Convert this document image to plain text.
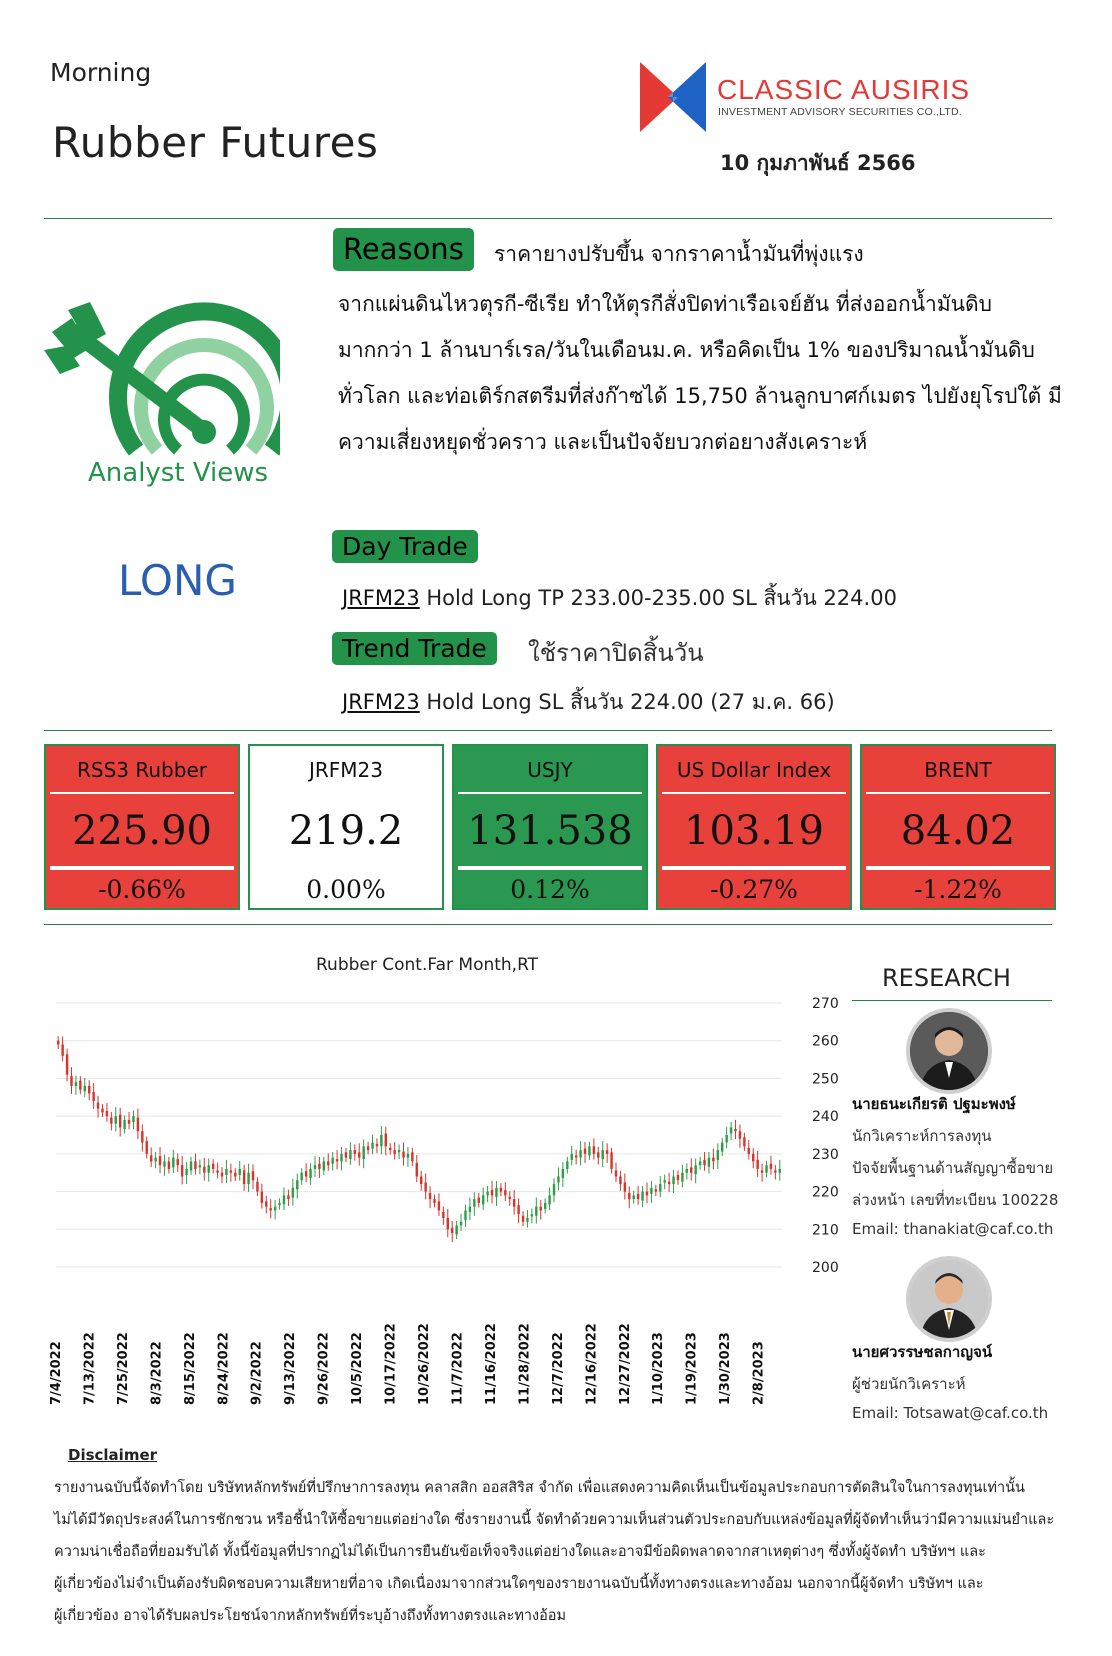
Morning
Rubber Futures
CLASSIC AUSIRIS
INVESTMENT ADVISORY SECURITIES CO.,LTD.
10 กุมภาพันธ์ 2566
Analyst Views
LONG
Reasons	ราคายางปรับขึ้น จากราคาน้ำมันที่พุ่งแรง
จากแผ่นดินไหวตุรกี-ซีเรีย ทำให้ตุรกีสั่งปิดท่าเรือเจย์ฮัน ที่ส่งออกน้ำมันดิบ
มากกว่า 1 ล้านบาร์เรล/วันในเดือนม.ค. หรือคิดเป็น 1% ของปริมาณน้ำมันดิบ
ทั่วโลก และท่อเติร์กสตรีมที่ส่งก๊าซได้ 15,750 ล้านลูกบาศก์เมตร ไปยังยุโรปใต้ มี
ความเสี่ยงหยุดชั่วคราว และเป็นปัจจัยบวกต่อยางสังเคราะห์
Day Trade
JRFM23 Hold Long TP 233.00-235.00 SL สิ้นวัน 224.00
Trend Trade	ใช้ราคาปิดสิ้นวัน
JRFM23 Hold Long SL สิ้นวัน 224.00 (27 ม.ค. 66)
RSS3 Rubber
225.90
-0.66%
JRFM23
219.2
0.00%
USJY
131.538
0.12%
US Dollar Index
103.19
-0.27%
BRENT
84.02
-1.22%
Rubber Cont.Far Month,RT
270
260
250
240
230
220
210
200
7/4/2022 7/13/2022 7/25/2022 8/3/2022 8/15/2022 8/24/2022 9/2/2022 9/13/2022 9/26/2022 10/5/2022 10/17/2022 10/26/2022 11/7/2022 11/16/2022 11/28/2022 12/7/2022 12/16/2022 12/27/2022 1/10/2023 1/19/2023 1/30/2023 2/8/2023
RESEARCH
นายธนะเกียรติ ปฐมะพงษ์
นักวิเคราะห์การลงทุน
ปัจจัยพื้นฐานด้านสัญญาซื้อขาย
ล่วงหน้า เลขที่ทะเบียน 100228
Email: thanakiat@caf.co.th
นายศวรรษชลกาญจน์
ผู้ช่วยนักวิเคราะห์
Email: Totsawat@caf.co.th
Disclaimer
รายงานฉบับนี้จัดทำโดย บริษัทหลักทรัพย์ที่ปรึกษาการลงทุน คลาสสิก ออสสิริส จำกัด เพื่อแสดงความคิดเห็นเป็นข้อมูลประกอบการตัดสินใจในการลงทุนเท่านั้น
ไม่ได้มีวัตถุประสงค์ในการชักชวน หรือชี้นำให้ซื้อขายแต่อย่างใด ซึ่งรายงานนี้ จัดทำด้วยความเห็นส่วนตัวประกอบกับแหล่งข้อมูลที่ผู้จัดทำเห็นว่ามีความแม่นยำและ
ความน่าเชื่อถือที่ยอมรับได้ ทั้งนี้ข้อมูลที่ปรากฏไม่ได้เป็นการยืนยันข้อเท็จจริงแต่อย่างใดและอาจมีข้อผิดพลาดจากสาเหตุต่างๆ ซึ่งทั้งผู้จัดทำ บริษัทฯ และ
ผู้เกี่ยวข้องไม่จำเป็นต้องรับผิดชอบความเสียหายที่อาจ เกิดเนื่องมาจากส่วนใดๆของรายงานฉบับนี้ทั้งทางตรงและทางอ้อม นอกจากนี้ผู้จัดทำ บริษัทฯ และ
ผู้เกี่ยวข้อง อาจได้รับผลประโยชน์จากหลักทรัพย์ที่ระบุอ้างถึงทั้งทางตรงและทางอ้อม
